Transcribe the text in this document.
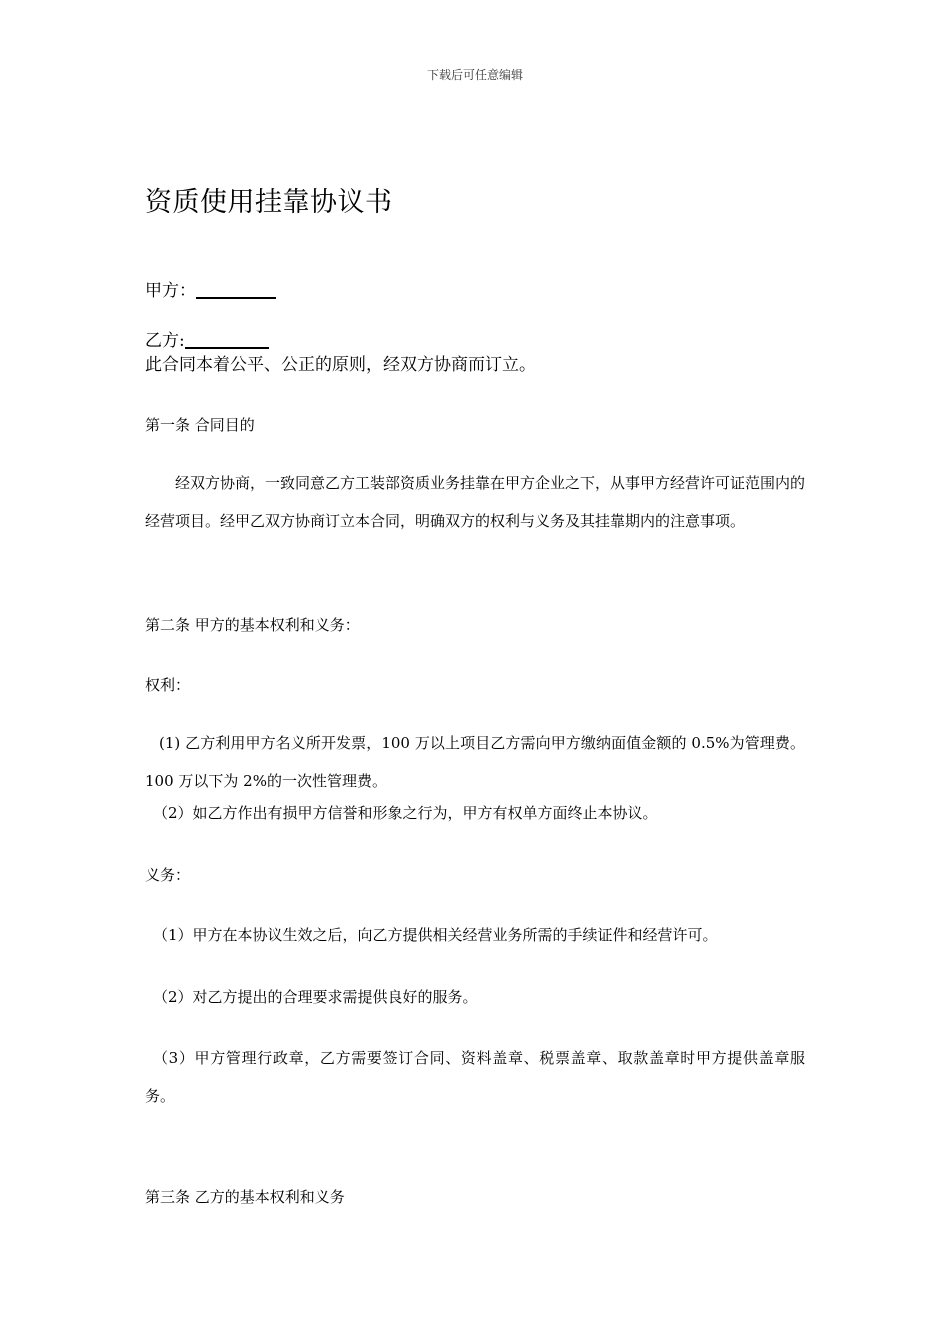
下载后可任意编辑
资质使用挂靠协议书
甲方：
乙方:
此合同本着公平、公正的原则，经双方协商而订立。
第一条 合同目的

经双方协商，一致同意乙方工装部资质业务挂靠在甲方企业之下，从事甲方经营许可证范围内的经营项目。经甲乙双方协商订立本合同，明确双方的权利与义务及其挂靠期内的注意事项。

第二条 甲方的基本权利和义务：
权利：

(1) 乙方利用甲方名义所开发票，100 万以上项目乙方需向甲方缴纳面值金额的 0.5%为管理费。100 万以下为 2%的一次性管理费。

（2）如乙方作出有损甲方信誉和形象之行为，甲方有权单方面终止本协议。
义务：
（1）甲方在本协议生效之后，向乙方提供相关经营业务所需的手续证件和经营许可。
（2）对乙方提出的合理要求需提供良好的服务。

（3）甲方管理行政章，乙方需要签订合同、资料盖章、税票盖章、取款盖章时甲方提供盖章服务。

第三条 乙方的基本权利和义务
